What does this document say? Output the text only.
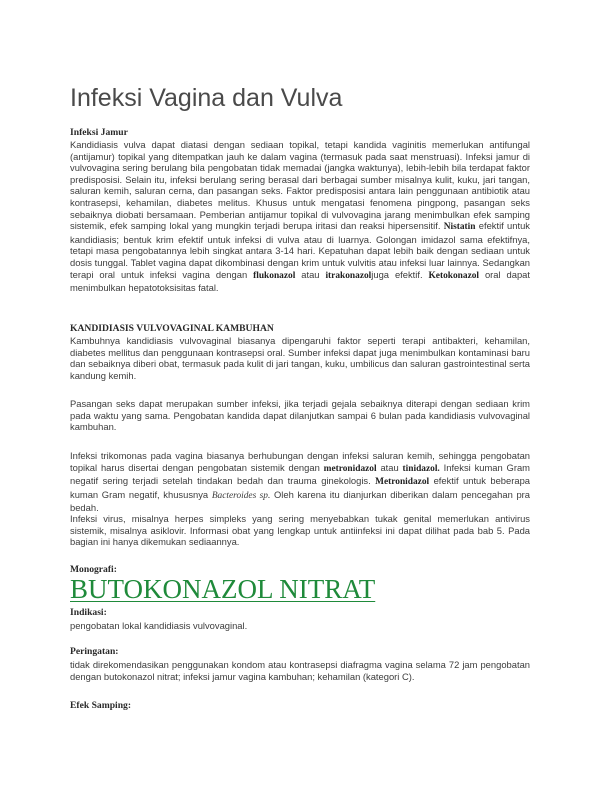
Infeksi Vagina dan Vulva
Infeksi Jamur

Kandidiasis vulva dapat diatasi dengan sediaan topikal, tetapi kandida vaginitis memerlukan antifungal (antijamur) topikal yang ditempatkan jauh ke dalam vagina (termasuk pada saat menstruasi). Infeksi jamur di vulvovagina sering berulang bila pengobatan tidak memadai (jangka waktunya), lebih-lebih bila terdapat faktor predisposisi. Selain itu, infeksi berulang sering berasal dari berbagai sumber misalnya kulit, kuku, jari tangan, saluran kemih, saluran cerna, dan pasangan seks. Faktor predisposisi antara lain penggunaan antibiotik atau kontrasepsi, kehamilan, diabetes melitus. Khusus untuk mengatasi fenomena pingpong, pasangan seks sebaiknya diobati bersamaan. Pemberian antijamur topikal di vulvovagina jarang menimbulkan efek samping sistemik, efek samping lokal yang mungkin terjadi berupa iritasi dan reaksi hipersensitif. Nistatin efektif untuk kandidiasis; bentuk krim efektif untuk infeksi di vulva atau di luarnya. Golongan imidazol sama efektifnya, tetapi masa pengobatannya lebih singkat antara 3-14 hari. Kepatuhan dapat lebih baik dengan sediaan untuk dosis tunggal. Tablet vagina dapat dikombinasi dengan krim untuk vulvitis atau infeksi luar lainnya. Sedangkan terapi oral untuk infeksi vagina dengan flukonazol atau itrakonazoljuga efektif. Ketokonazol oral dapat menimbulkan hepatotoksisitas fatal.

KANDIDIASIS VULVOVAGINAL KAMBUHAN

Kambuhnya kandidiasis vulvovaginal biasanya dipengaruhi faktor seperti terapi antibakteri, kehamilan, diabetes mellitus dan penggunaan kontrasepsi oral. Sumber infeksi dapat juga menimbulkan kontaminasi baru dan sebaiknya diberi obat, termasuk pada kulit di jari tangan, kuku, umbilicus dan saluran gastrointestinal serta kandung kemih.

Pasangan seks dapat merupakan sumber infeksi, jika terjadi gejala sebaiknya diterapi dengan sediaan krim pada waktu yang sama. Pengobatan kandida dapat dilanjutkan sampai 6 bulan pada kandidiasis vulvovaginal kambuhan.

Infeksi trikomonas pada vagina biasanya berhubungan dengan infeksi saluran kemih, sehingga pengobatan topikal harus disertai dengan pengobatan sistemik dengan metronidazol atau tinidazol. Infeksi kuman Gram negatif sering terjadi setelah tindakan bedah dan trauma ginekologis. Metronidazol efektif untuk beberapa kuman Gram negatif, khususnya Bacteroides sp. Oleh karena itu dianjurkan diberikan dalam pencegahan pra bedah.

Infeksi virus, misalnya herpes simpleks yang sering menyebabkan tukak genital memerlukan antivirus sistemik, misalnya asiklovir. Informasi obat yang lengkap untuk antiinfeksi ini dapat dilihat pada bab 5. Pada bagian ini hanya dikemukan sediaannya.

Monografi:
BUTOKONAZOL NITRAT
Indikasi:

pengobatan lokal kandidiasis vulvovaginal.

Peringatan:

tidak direkomendasikan penggunakan kondom atau kontrasepsi diafragma vagina selama 72 jam pengobatan dengan butokonazol nitrat; infeksi jamur vagina kambuhan; kehamilan (kategori C).

Efek Samping:
